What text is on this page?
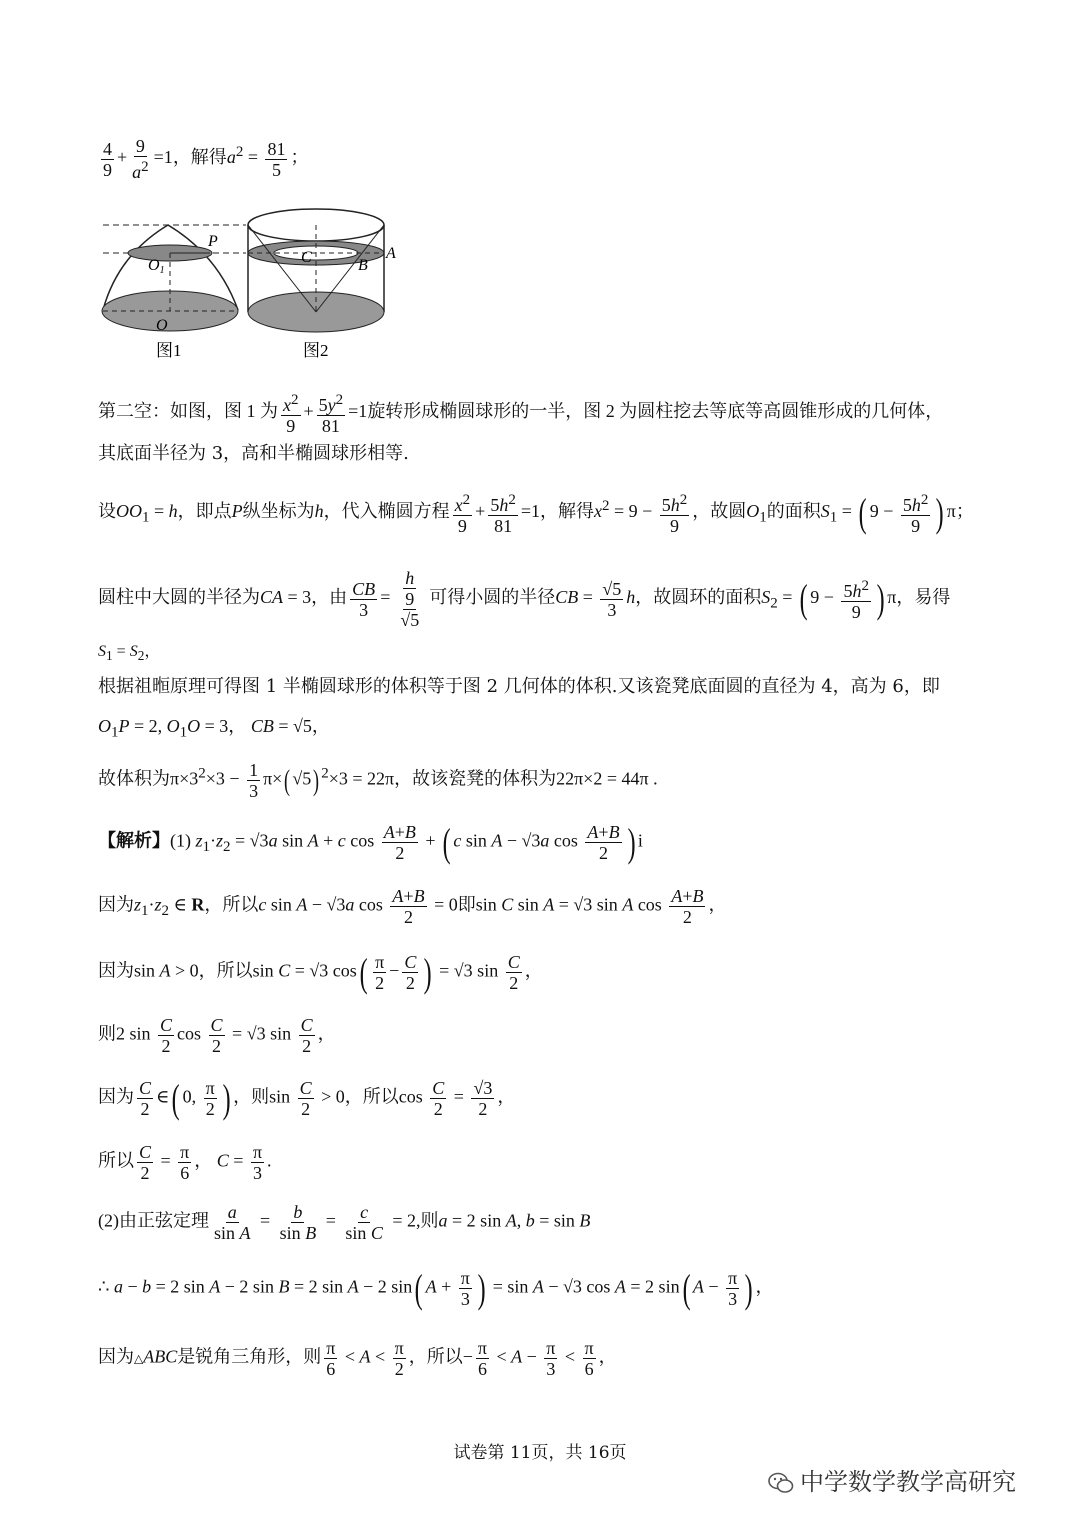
$\frac{4}{9} + \frac{9}{a^2} =1$，解得$a^2 = \frac{81}{5}$ ；
P
O1
O
图1
A
C	B
图2
第二空：如图，图 1 为 $\frac{x^2}{9} + \frac{5y^2}{81} =1$旋转形成椭圆球形的一半，图 2 为圆柱挖去等底等高圆锥形成的几何体，
其底面半径为 3，高和半椭圆球形相等.
设$OO_1 = h$，即点P纵坐标为h，代入椭圆方程 $\frac{x^2}{9} + \frac{5h^2}{81} =1$，解得$x^2 = 9 - \frac{5h^2}{9}$ ，故圆$O_1$的面积$S_1$ = ( $9 - \frac{5h^2}{9}$ ) π；
圆柱中大圆的半径为CA = 3，由 $\frac{CB}{3} = \frac{h}{\frac{9}{√5}}$ 可得小圆的半径CB = $\frac{√5}{3}$ h，故圆环的面积$S_2$ = ( $9 - \frac{5h^2}{9}$ ) π，易得
$S_1 = S_2$，
根据祖暅原理可得图 1 半椭圆球形的体积等于图 2 几何体的体积.又该瓷凳底面圆的直径为 4，高为 6，即
$O_1P = 2$, $O_1O = 3$， CB = √5，
故体积为$\pi\times 3^2\times 3 - \frac{1}{3} \pi\times$( √5) $^2$×3 = 22π，故该瓷凳的体积为22π×2 = 44π .
【解析】(1) $z_1\cdot z_2 = √3a$ sin A + c $\cos \frac{A+B}{2}$ + ( c sin A − √3a $\cos \frac{A+B}{2}$ ) i
因为$z_1\cdot z_2$ ∈ R，所以c sin A − √3a $\cos \frac{A+B}{2} = 0$即sin C sin A = √3 sin A $\cos \frac{A+B}{2}$ ，
因为sin A > 0，所以sin C = √3 $\cos( \frac{\pi}{2} - \frac{C}{2}$ ) = √3 $\sin \frac{C}{2}$ ，
则2 $\sin \frac{C}{2}$ $\cos \frac{C}{2} = √3$ $\sin \frac{C}{2}$ ，
因为 $\frac{C}{2}$ ∈( 0, $\frac{\pi}{2}$ ) ，则$\sin \frac{C}{2} > 0$，所以$\cos \frac{C}{2} = \frac{√3}{2}$ ，
所以 $\frac{C}{2} = \frac{\pi}{6}$ ， $C = \frac{\pi}{3}$ .
(2)由正弦定理 $\frac{a}{\text{sin A}} = \frac{b}{\text{sin B}} = \frac{c}{\text{sin C}} = 2$,则a = 2 sin A, b = sin B
∴ a − b = 2 sin A − 2 sin B = 2 sin A − 2 sin( $A + \frac{\pi}{3}$ ) = sin A − √3 cos A = 2 sin( $A - \frac{\pi}{3}$ ) ，
因为△ABC是锐角三角形，则 $\frac{\pi}{6} < A < \frac{\pi}{2}$ ，所以− $\frac{\pi}{6} < A - \frac{\pi}{3} < \frac{\pi}{6}$ ，
试卷第 11页，共 16页
中学数学教学高研究
